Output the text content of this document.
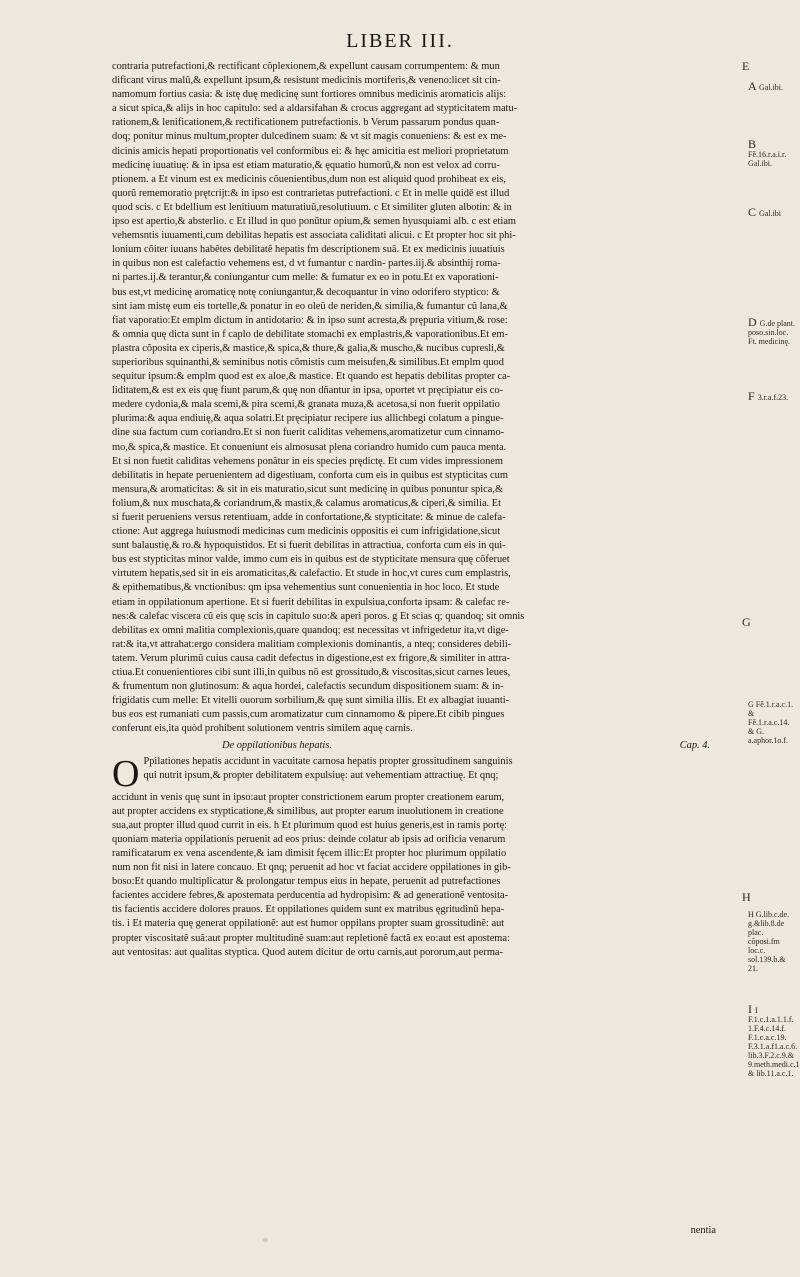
LIBER III.
contraria putrefactioni,& rectificant cõplexionem,& expellunt causam corrumpentem: & mun
dificant virus malũ,& expellunt ipsum,& resistunt medicinis mortiferis,& veneno:licet sit cin-
namomum fortius casia: & istę duę medicinę sunt fortiores omnibus medicinis aromaticis alijs:
a sicut spica,& alijs in hoc capitulo: sed a aldarsifahan & crocus aggregant ad stypticitatem matu-
rationem,& lenificationem,& rectificationem putrefactionis. b Verum passarum pondus quan-
doq; ponitur minus multum,propter dulcedinem suam: & vt sit magis conueniens: & est ex me-
dicinis amicis hepati proportionatis vel conformibus ei: & hęc amicitia est meliori proprietatum
medicinę iuuatiuę: & in ipsa est etiam maturatio,& ęquatio humorũ,& non est velox ad corru-
ptionem. a Et vinum est ex medicinis cõuenientibus,dum non est aliquid quod prohibeat ex eis,
quorũ rememoratio prętcrijt:& in ipso est contrarietas putrefactioni. c Et in melle quidě est illud
quod scis. c Et bdellium est lenitiuum maturatiuũ,resolutiuum. c Et similiter gluten albotin: & in
ipso est apertio,& absterlio. c Et illud in quo ponũtur opium,& semen hyusquiami alb. c est etiam
vehemsntis iuuamenti,cum debilitas hepatis est associata caliditati alicui. c Et propter hoc sit phi-
lonium cõiter iuuans habẽtes debilitatẽ hepatis fm descriptionem suã. Et ex medicinis iuuatiuis
in quibus non est calefactio vehemens est, d vt fumantur c nardin- partes.iij.& absinthij roma-
ni partes.ij.& terantur,& coniungantur cum melle: & fumatur ex eo in potu.Et ex vaporationi-
bus est,vt medicinę aromaticę notę coniungantur,& decoquantur in vino odorifero styptico: &
sint iam mistę eum eis tortelle,& ponatur in eo oleũ de neriden,& similia,& fumantur cũ lana,&
fiat vaporatio:Et emplm dictum in antidotario: & in ipso sunt acresta,& prępuria vitium,& rose:
& omnia quę dicta sunt in f caplo de debilitate stomachi ex emplastris,& vaporationibus.Et em-
plastra cõposita ex ciperis,& mastice,& spica,& thure,& galia,& muscho,& nucibus cupresli,&
superioribus squinanthi,& seminibus notis cõmistis cum meisufen,& similibus.Et emplm quod
sequitur ipsum:& emplm quod est ex aloe,& mastice. Et quando est hepatis debilitas propter ca-
liditatem,& est ex eis quę fiunt parum,& quę non dñantur in ipsa, oportet vt pręcipiatur eis co-
medere cydonia,& mala scemi,& pira scemi,& granata muza,& acetosa,si non fuerit oppilatio
plurima:& aqua endiuię,& aqua solatri.Et pręcipiatur recipere ius allichbegi colatum a pingue-
dine sua factum cum coriandro.Et si non fuerit caliditas vehemens,aromatizetur cum cinnamo-
mo,& spica,& mastice. Et conueniunt eis almosusat plena coriandro humido cum pauca menta.
Et si non fuetit caliditas vehemens ponãtur in eis species prędictę. Et cum vides impressionem
debilitatis in hepate peruenientem ad digestiuam, conforta cum eis in quibus est stypticitas cum
mensura,& aromaticitas: & sit in eis maturatio,sicut sunt medicinę in quibus ponuntur spica,&
folium,& nux muschata,& coriandrum,& mastix,& calamus aromaticus,& ciperi,& similia. Et
si fuerit perueniens versus retentiuam, adde in confortatione,& stypticitate: & minue de calefa-
ctione: Aut aggrega huiusmodi medicinas cum medicinis oppositis ei cum infrigidatione,sicut
sunt balaustię,& ro.& hypoquistidos. Et si fuerit debilitas in attractiua, conforta cum eis in qui-
bus est stypticitas minor valde, immo cum eis in quibus est de stypticitate mensura quę cõferuet
virtutem hepatis,sed sit in eis aromaticitas,& calefactio. Et stude in hoc,vt cures cum emplastris,
& epithematibus,& vnctionibus: qm ipsa vehementius sunt conuenientia in hoc loco. Et stude
etiam in oppilationum apertione. Et si fuerit debilitas in expulsiua,conforta ipsam: & calefac re-
nes:& calefac viscera cũ eis quę scis in capitulo suo:& aperi poros. g Et scias q; quandoq; sit omnis
debilitas ex omni malitia complexionis,quare quandoq; est necessitas vt infrigedetur ita,vt dige-
rat:& ita,vt attrahat:ergo considera malitiam complexionis dominantis, a nteq; consideres debili-
tatem. Verum plurimũ cuius causa cadit defectus in digestione,est ex frigore,& similiter in attra-
ctiua.Et conuenientiores cibi sunt illi,in quibus nõ est grossitudo,& viscositas,sicut carnes leues,
& frumentum non glutinosum: & aqua hordei, calefactis secundum dispositionem suam: & in-
frigidatis cum melle: Et vitelli ouorum sorbilium,& quę sunt similia illis. Et ex albagiat iuuanti-
bus eos est rumaniati cum passis,cum aromatizatur cum cinnamomo & pipere.Et cibib pingues
conferunt eis,ita quòd prohibent solutionem ventris similem aquę carnis.
De oppilationibus hepatis.	Cap. 4.
O Ppilationes hepatis accidunt in vacuitate carnosa hepatis propter grossitudinem sanguinis
qui nutrit ipsum,& propter debilitatem expulsiuę: aut vehementiam attractiuę. Et qnq;
accidunt in venis quę sunt in ipso:aut propter constrictionem earum propter creationem earum,
aut propter accidens ex stypticatione,& similibus, aut propter earum inuolutionem in creatione
sua,aut propter illud quod currit in eis. h Et plurimum quod est huius generis,est in ramis portę:
quoniam materia oppilationis peruenit ad eos prius: deinde colatur ab ipsis ad orificia venarum
ramificatarum ex vena ascendente,& iam dimisit fęcem illic:Et propter hoc plurimum oppilatio
num non fit nisi in latere concauo. Et qnq; peruenit ad hoc vt faciat accidere oppilationes in gib-
boso:Et quando multiplicatur & prolongatur tempus eius in hepate, peruenit ad putrefactiones
facientes accidere febres,& apostemata perducentia ad hydropisim: & ad generationẽ ventosita-
tis facientis accidere dolores prauos. Et oppilationes quidem sunt ex matribus ęgritudinũ hepa-
tis. i Et materia quę generat oppilationẽ: aut est humor oppilans propter suam grossitudinẽ: aut
propter viscositatẽ suã:aut propter multitudinẽ suam:aut repletionẽ factã ex eo:aut est apostema:
aut ventositas: aut qualitas styptica. Quod autem dicitur de ortu carnis,aut pororum,aut perma-
nentia
E
A Gal.ibi.
B Fě.16.r.a.i.r. Gal.ibi.
C Gal.ibi
D G.de plant. poso.sin.loc. Ft. medicinę.
F 3.r.a.f.23.
G
G Fě.1.r.a.c.1. & Fě.1.r.a.c.14. & G. a.aphor.1o.f.
H
H G.lib.c.de. g.&lib.8.de plac. cõposi.fm loc.c. sol.139.b.& 21.
I I F.1.c.1.a.1.1.f. 1.F.4.c.14.f. F.1.c.a.c.19. F.3.1.a.f1.a.c.6. lib.3.F.2.c.9.& 9.meth.medi.c.1 & lib.11.a.c.1.
